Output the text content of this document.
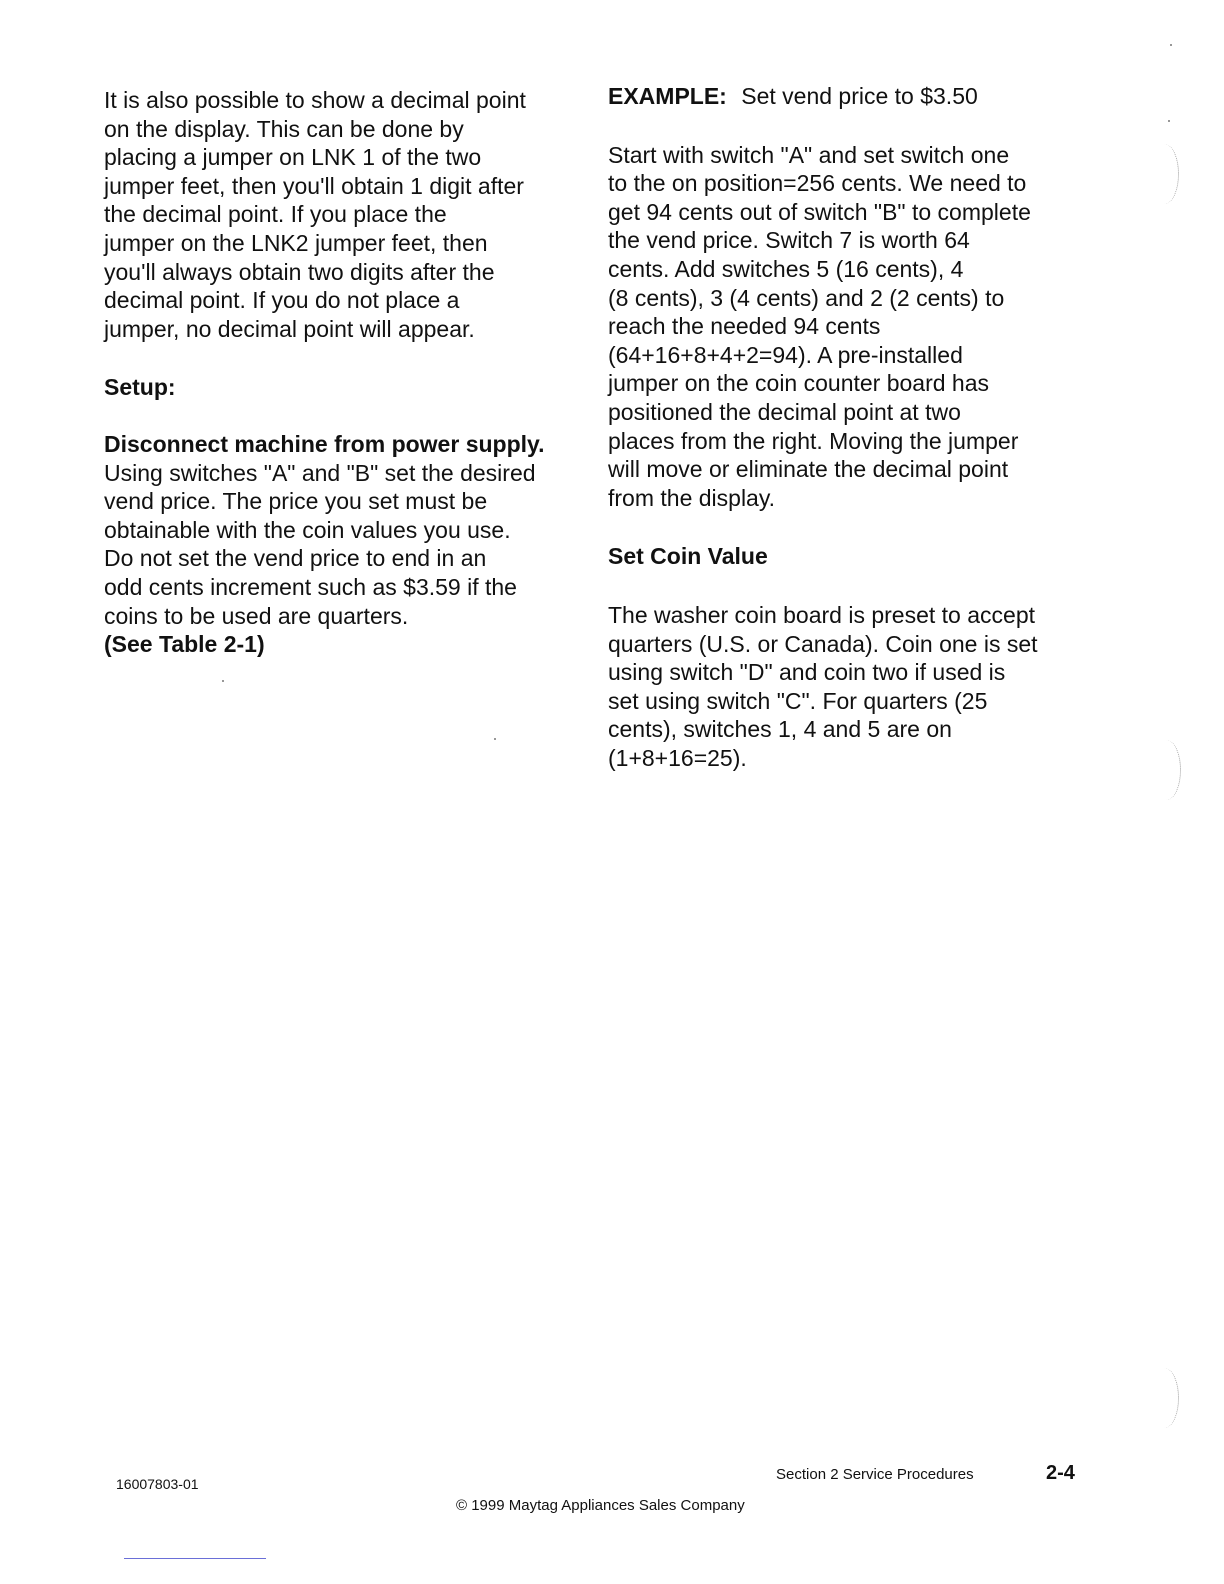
It is also possible to show a decimal point
on the display. This can be done by
placing a jumper on LNK 1 of the two
jumper feet, then you'll obtain 1 digit after
the decimal point. If you place the
jumper on the LNK2 jumper feet, then
you'll always obtain two digits after the
decimal point. If you do not place a
jumper, no decimal point will appear.

Setup:

Disconnect machine from power supply.
Using switches "A" and "B" set the desired
vend price. The price you set must be
obtainable with the coin values you use.
Do not set the vend price to end in an
odd cents increment such as $3.59 if the
coins to be used are quarters.
(See Table 2-1)

EXAMPLE: Set vend price to $3.50

Start with switch "A" and set switch one
to the on position=256 cents. We need to
get 94 cents out of switch "B" to complete
the vend price. Switch 7 is worth 64
cents. Add switches 5 (16 cents), 4
(8 cents), 3 (4 cents) and 2 (2 cents) to
reach the needed 94 cents
(64+16+8+4+2=94). A pre-installed
jumper on the coin counter board has
positioned the decimal point at two
places from the right. Moving the jumper
will move or eliminate the decimal point
from the display.

Set Coin Value

The washer coin board is preset to accept
quarters (U.S. or Canada). Coin one is set
using switch "D" and coin two if used is
set using switch "C". For quarters (25
cents), switches 1, 4 and 5 are on
(1+8+16=25).

16007803-01
Section 2 Service Procedures	2-4
© 1999 Maytag Appliances Sales Company
